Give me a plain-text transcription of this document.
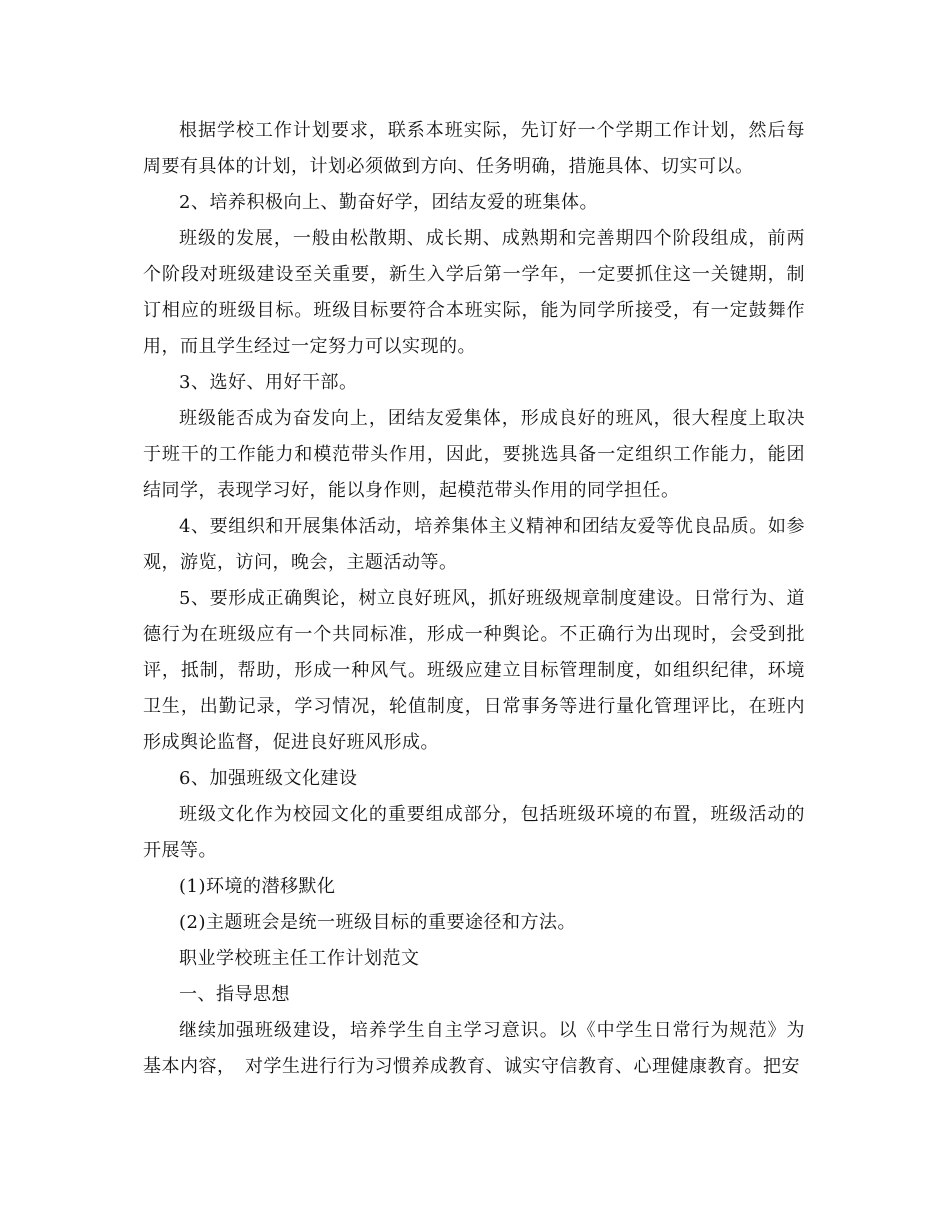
根据学校工作计划要求，联系本班实际，先订好一个学期工作计划，然后每周要有具体的计划，计划必须做到方向、任务明确，措施具体、切实可以。

2、培养积极向上、勤奋好学，团结友爱的班集体。

班级的发展，一般由松散期、成长期、成熟期和完善期四个阶段组成，前两个阶段对班级建设至关重要，新生入学后第一学年，一定要抓住这一关键期，制订相应的班级目标。班级目标要符合本班实际，能为同学所接受，有一定鼓舞作用，而且学生经过一定努力可以实现的。

3、选好、用好干部。

班级能否成为奋发向上，团结友爱集体，形成良好的班风，很大程度上取决于班干的工作能力和模范带头作用，因此，要挑选具备一定组织工作能力，能团结同学，表现学习好，能以身作则，起模范带头作用的同学担任。

4、要组织和开展集体活动，培养集体主义精神和团结友爱等优良品质。如参观，游览，访问，晚会，主题活动等。

5、要形成正确舆论，树立良好班风，抓好班级规章制度建设。日常行为、道德行为在班级应有一个共同标准，形成一种舆论。不正确行为出现时，会受到批评，抵制，帮助，形成一种风气。班级应建立目标管理制度，如组织纪律，环境卫生，出勤记录，学习情况，轮值制度，日常事务等进行量化管理评比，在班内形成舆论监督，促进良好班风形成。

6、加强班级文化建设

班级文化作为校园文化的重要组成部分，包括班级环境的布置，班级活动的开展等。

(1)环境的潜移默化

(2)主题班会是统一班级目标的重要途径和方法。

职业学校班主任工作计划范文

一、指导思想

继续加强班级建设，培养学生自主学习意识。以《中学生日常行为规范》为基本内容，　对学生进行行为习惯养成教育、诚实守信教育、心理健康教育。把安
